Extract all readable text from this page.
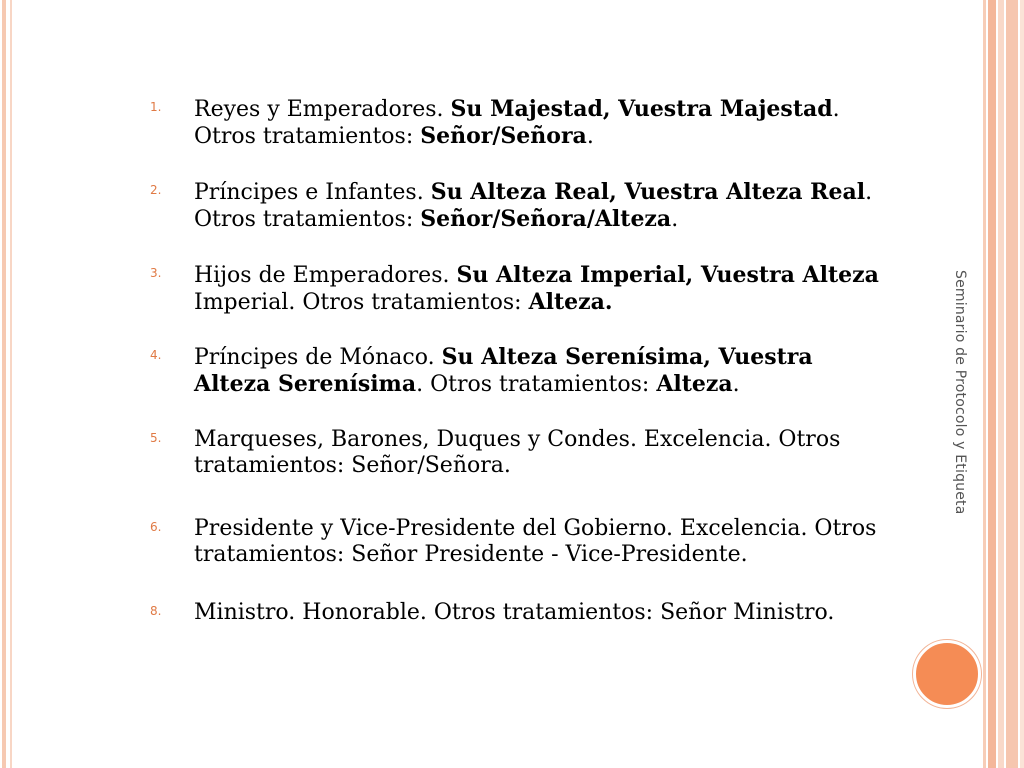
Seminario de Protocolo y Etiqueta
1. Reyes y Emperadores. Su Majestad, Vuestra Majestad. Otros tratamientos: Señor/Señora.
2. Príncipes e Infantes. Su Alteza Real, Vuestra Alteza Real. Otros tratamientos: Señor/Señora/Alteza.
3. Hijos de Emperadores. Su Alteza Imperial, Vuestra Alteza Imperial. Otros tratamientos: Alteza.
4. Príncipes de Mónaco. Su Alteza Serenísima, Vuestra Alteza Serenísima. Otros tratamientos: Alteza.
5. Marqueses, Barones, Duques y Condes. Excelencia. Otros tratamientos: Señor/Señora.
6. Presidente y Vice-Presidente del Gobierno. Excelencia. Otros tratamientos: Señor Presidente - Vice-Presidente.
8. Ministro. Honorable. Otros tratamientos: Señor Ministro.
